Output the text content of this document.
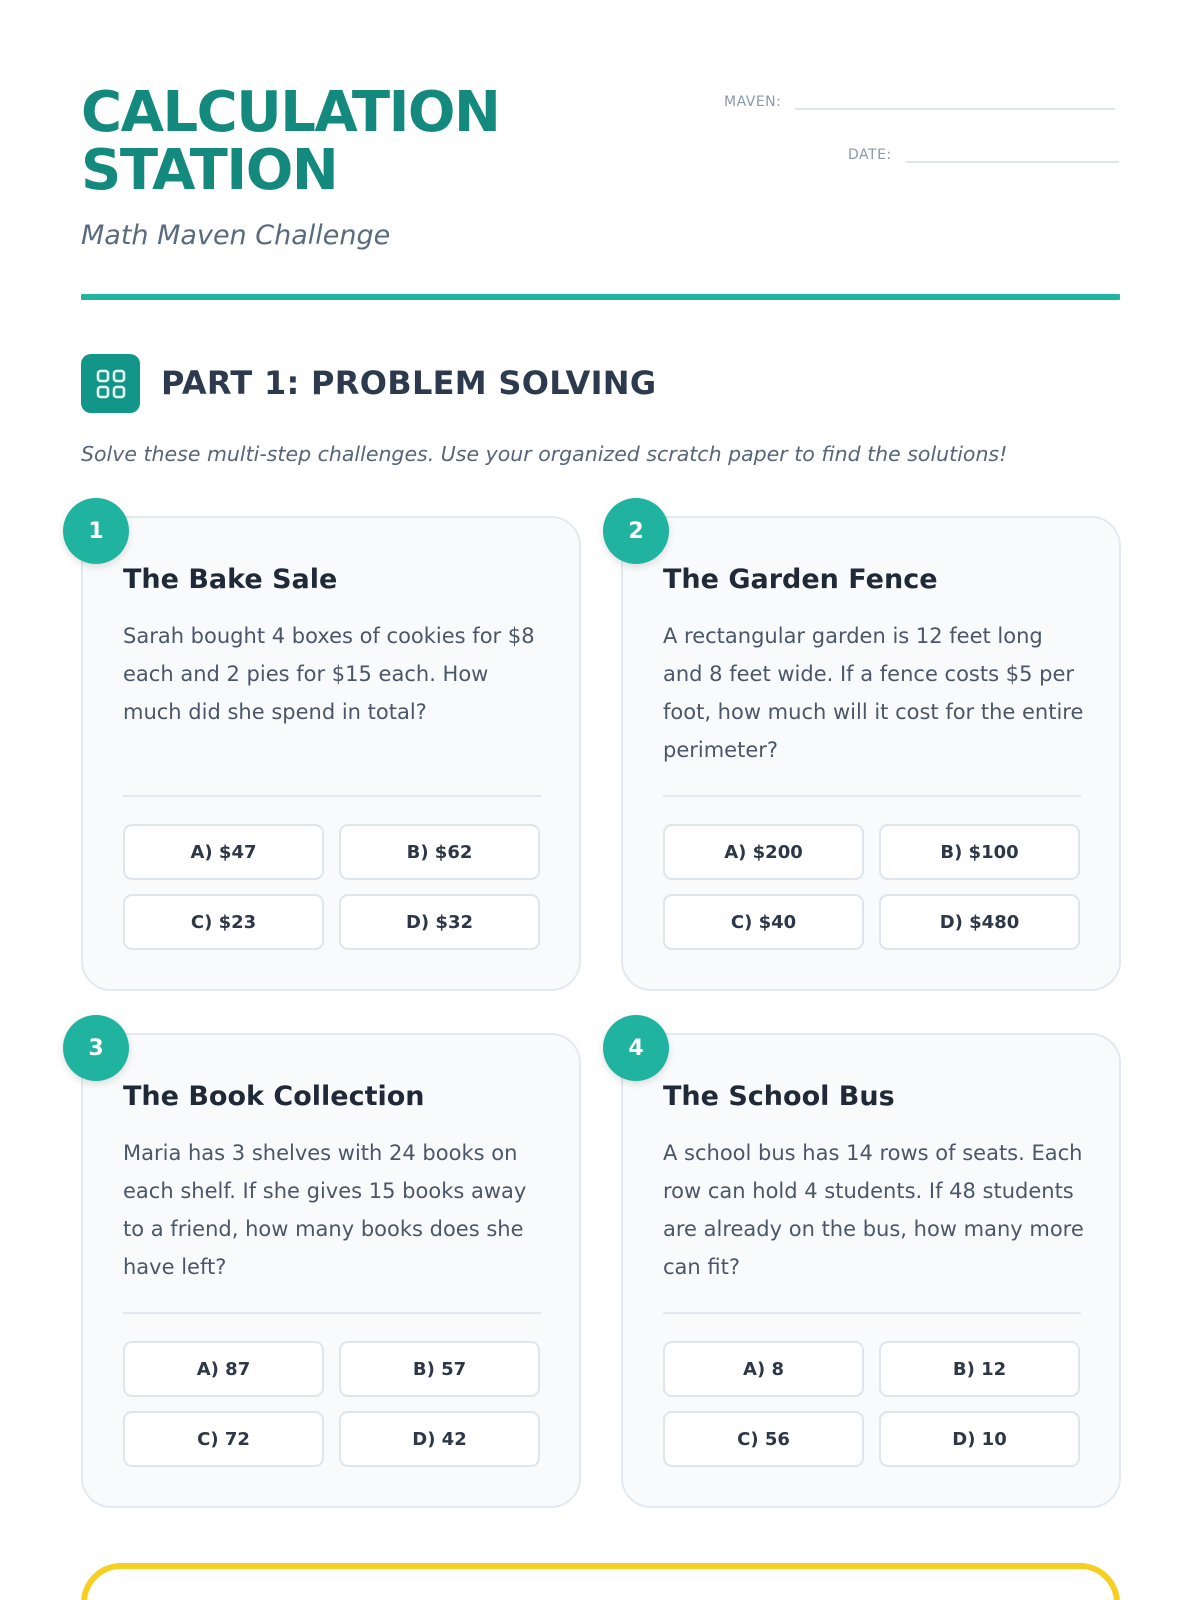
CALCULATION
STATION
Math Maven Challenge
MAVEN:
DATE:
PART 1: PROBLEM SOLVING
Solve these multi-step challenges. Use your organized scratch paper to find the solutions!
1
The Bake Sale
Sarah bought 4 boxes of cookies for $8 each and 2 pies for $15 each. How much did she spend in total?
A) $47	B) $62
C) $23	D) $32
2
The Garden Fence
A rectangular garden is 12 feet long and 8 feet wide. If a fence costs $5 per foot, how much will it cost for the entire perimeter?
A) $200	B) $100
C) $40	D) $480
3
The Book Collection
Maria has 3 shelves with 24 books on each shelf. If she gives 15 books away to a friend, how many books does she have left?
A) 87	B) 57
C) 72	D) 42
4
The School Bus
A school bus has 14 rows of seats. Each row can hold 4 students. If 48 students are already on the bus, how many more can fit?
A) 8	B) 12
C) 56	D) 10
